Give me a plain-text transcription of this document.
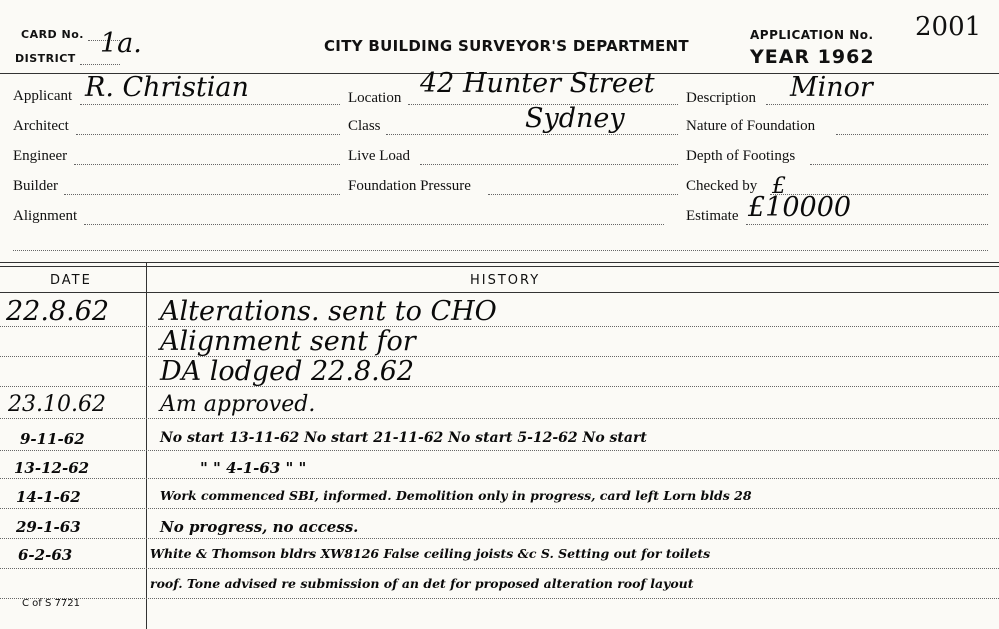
CARD No.
DISTRICT 1a.	CITY BUILDING SURVEYOR'S DEPARTMENT
APPLICATION No. 2001
YEAR 1962
Applicant R. Christian
Architect
Engineer
Builder
Alignment
Location 42 Hunter Street
Class	Sydney
Live Load
Foundation Pressure
Description Minor
Nature of Foundation
Depth of Footings
Checked by £
Estimate £10000
DATE	HISTORY
22.8.62 Alterations. sent to CHO
Alignment sent for
DA lodged 22.8.62
23.10.62 Am approved.
9-11-62	No start 13-11-62 No start 21-11-62 No start 5-12-62 No start
13-12-62	" " 4-1-63 " "
14-1-62	Work commenced SBI, informed. Demolition only in progress, card left Lorn blds 28
29-1-63	No progress, no access.
6-2-63	White & Thomson bldrs XW8126 False ceiling joists &c S. Setting out for toilets
roof. Tone advised re submission of an det for proposed alteration roof layout
C of S 7721
